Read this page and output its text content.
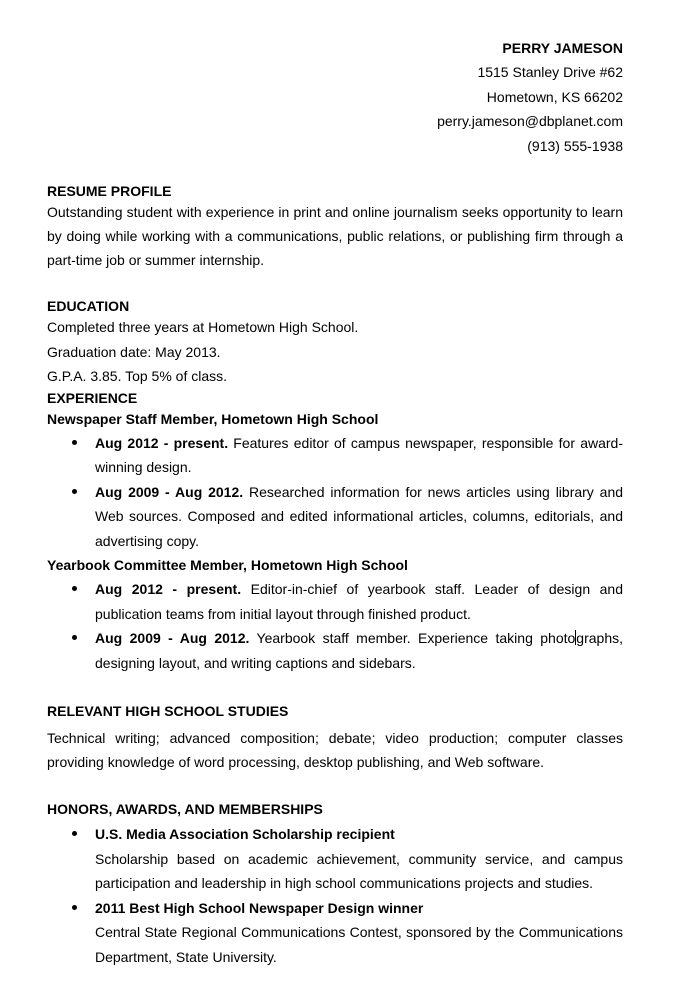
PERRY JAMESON
1515 Stanley Drive #62
Hometown, KS 66202
perry.jameson@dbplanet.com
(913) 555-1938
RESUME PROFILE
Outstanding student with experience in print and online journalism seeks opportunity to learn by doing while working with a communications, public relations, or publishing firm through a part-time job or summer internship.
EDUCATION
Completed three years at Hometown High School.
Graduation date: May 2013.
G.P.A. 3.85. Top 5% of class.
EXPERIENCE
Newspaper Staff Member, Hometown High School
Aug 2012 - present. Features editor of campus newspaper, responsible for award-winning design.
Aug 2009 - Aug 2012. Researched information for news articles using library and Web sources. Composed and edited informational articles, columns, editorials, and advertising copy.
Yearbook Committee Member, Hometown High School
Aug 2012 - present. Editor-in-chief of yearbook staff. Leader of design and publication teams from initial layout through finished product.
Aug 2009 - Aug 2012. Yearbook staff member. Experience taking photographs, designing layout, and writing captions and sidebars.
RELEVANT HIGH SCHOOL STUDIES
Technical writing; advanced composition; debate; video production; computer classes providing knowledge of word processing, desktop publishing, and Web software.
HONORS, AWARDS, AND MEMBERSHIPS
U.S. Media Association Scholarship recipient
Scholarship based on academic achievement, community service, and campus participation and leadership in high school communications projects and studies.
2011 Best High School Newspaper Design winner
Central State Regional Communications Contest, sponsored by the Communications Department, State University.
